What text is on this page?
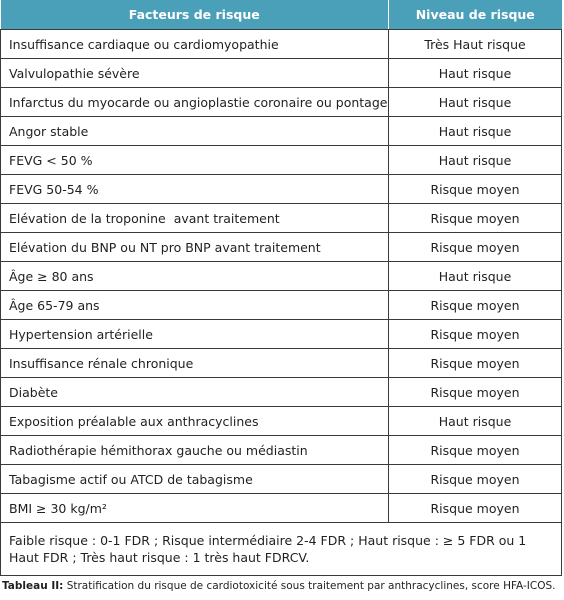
Facteurs de risque	Niveau de risque
Insuffisance cardiaque ou cardiomyopathie	Très Haut risque
Valvulopathie sévère	Haut risque
Infarctus du myocarde ou angioplastie coronaire ou pontage	Haut risque
Angor stable	Haut risque
FEVG < 50 %	Haut risque
FEVG 50-54 %	Risque moyen
Elévation de la troponine  avant traitement	Risque moyen
Elévation du BNP ou NT pro BNP avant traitement	Risque moyen
Âge ≥ 80 ans	Haut risque
Âge 65-79 ans	Risque moyen
Hypertension artérielle	Risque moyen
Insuffisance rénale chronique	Risque moyen
Diabète	Risque moyen
Exposition préalable aux anthracyclines	Haut risque
Radiothérapie hémithorax gauche ou médiastin	Risque moyen
Tabagisme actif ou ATCD de tabagisme	Risque moyen
BMI ≥ 30 kg/m²	Risque moyen
Faible risque : 0-1 FDR ; Risque intermédiaire 2-4 FDR ; Haut risque : ≥ 5 FDR ou 1 Haut FDR ; Très haut risque : 1 très haut FDRCV.	
Tableau II: Stratification du risque de cardiotoxicité sous traitement par anthracyclines, score HFA-ICOS.
